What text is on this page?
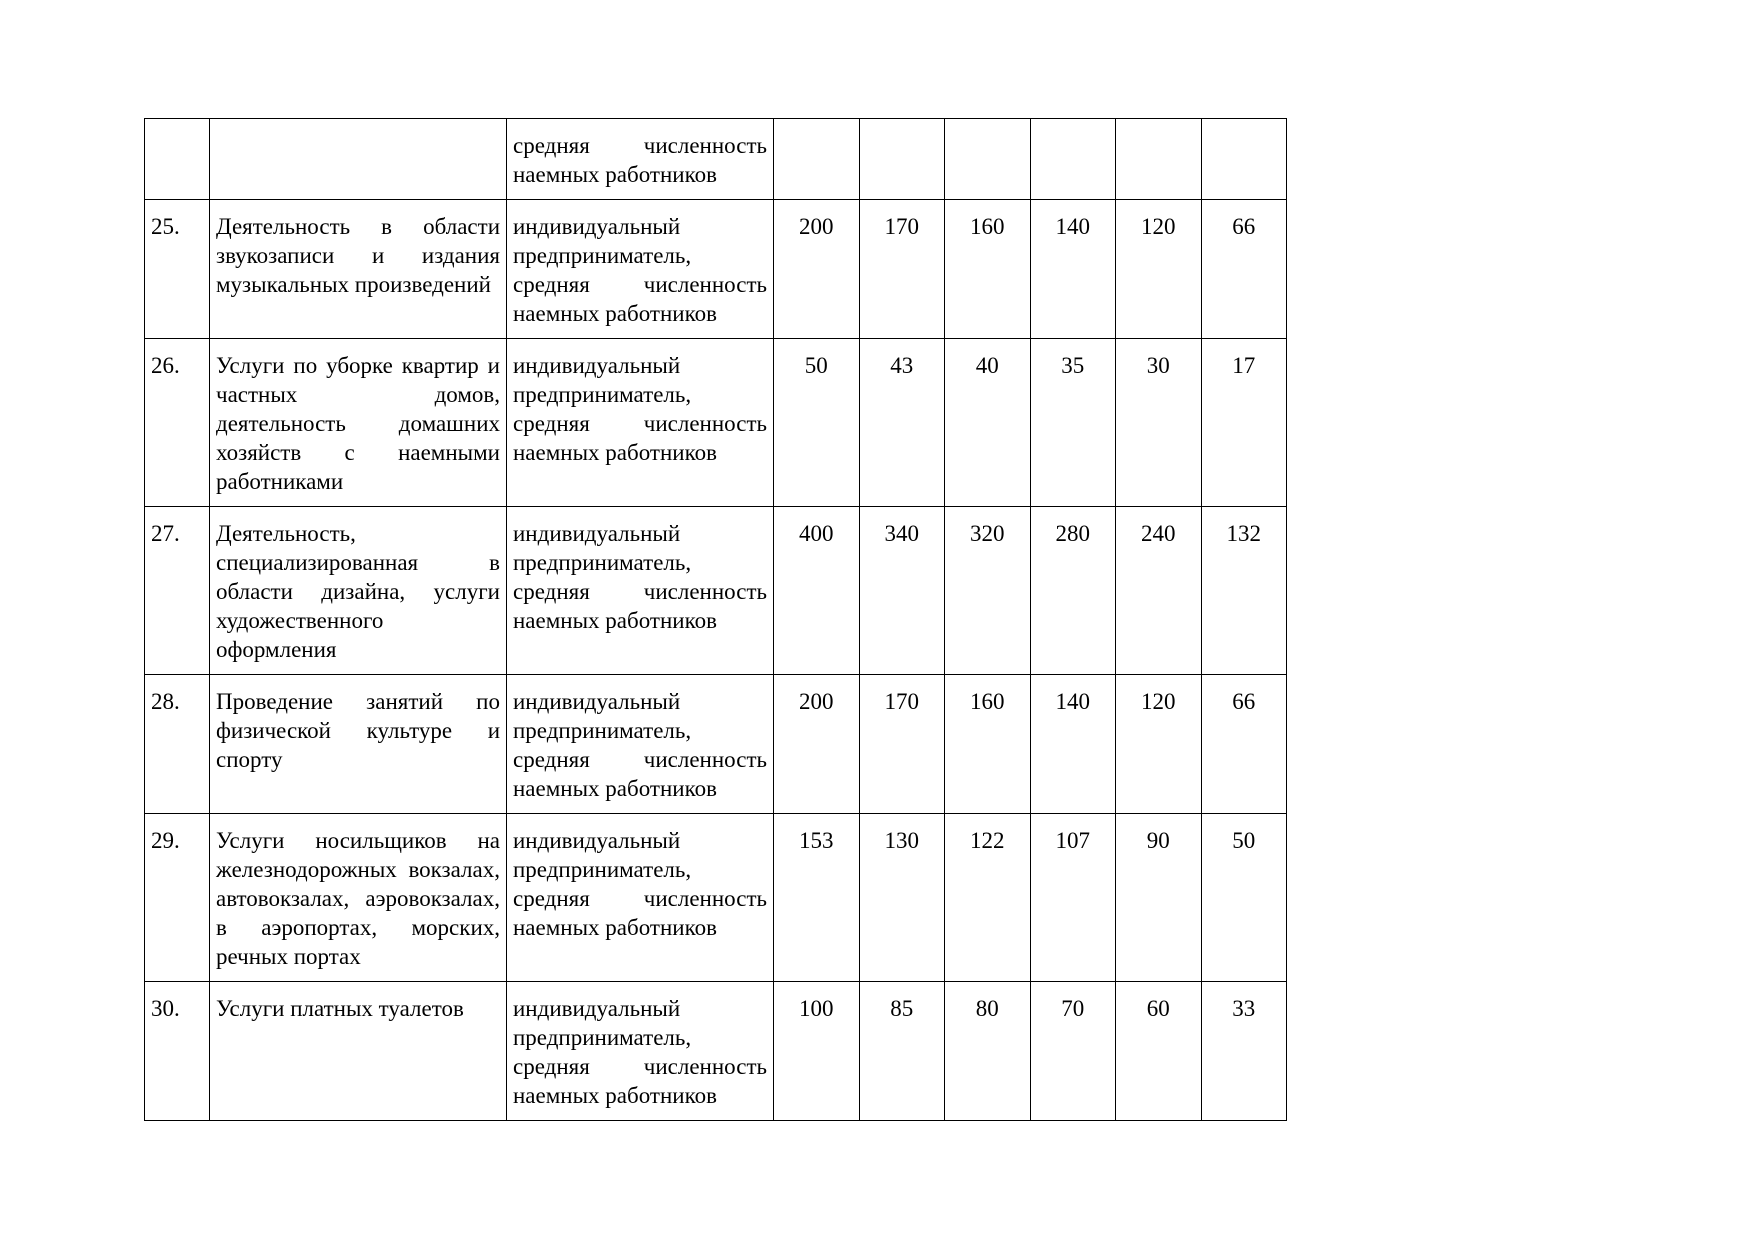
		средняя численность наемных работников						
25.	Деятельность в области звукозаписи и издания музыкальных произведений	индивидуальный предприниматель, средняя численность наемных работников	200	170	160	140	120	66
26.	Услуги по уборке квартир и частных домов, деятельность домашних хозяйств с наемными работниками	индивидуальный предприниматель, средняя численность наемных работников	50	43	40	35	30	17
27.	Деятельность, специализированная в области дизайна, услуги художественного оформления	индивидуальный предприниматель, средняя численность наемных работников	400	340	320	280	240	132
28.	Проведение занятий по физической культуре и спорту	индивидуальный предприниматель, средняя численность наемных работников	200	170	160	140	120	66
29.	Услуги носильщиков на железнодорожных вокзалах, автовокзалах, аэровокзалах, в аэропортах, морских, речных портах	индивидуальный предприниматель, средняя численность наемных работников	153	130	122	107	90	50
30.	Услуги платных туалетов	индивидуальный предприниматель, средняя численность наемных работников	100	85	80	70	60	33
